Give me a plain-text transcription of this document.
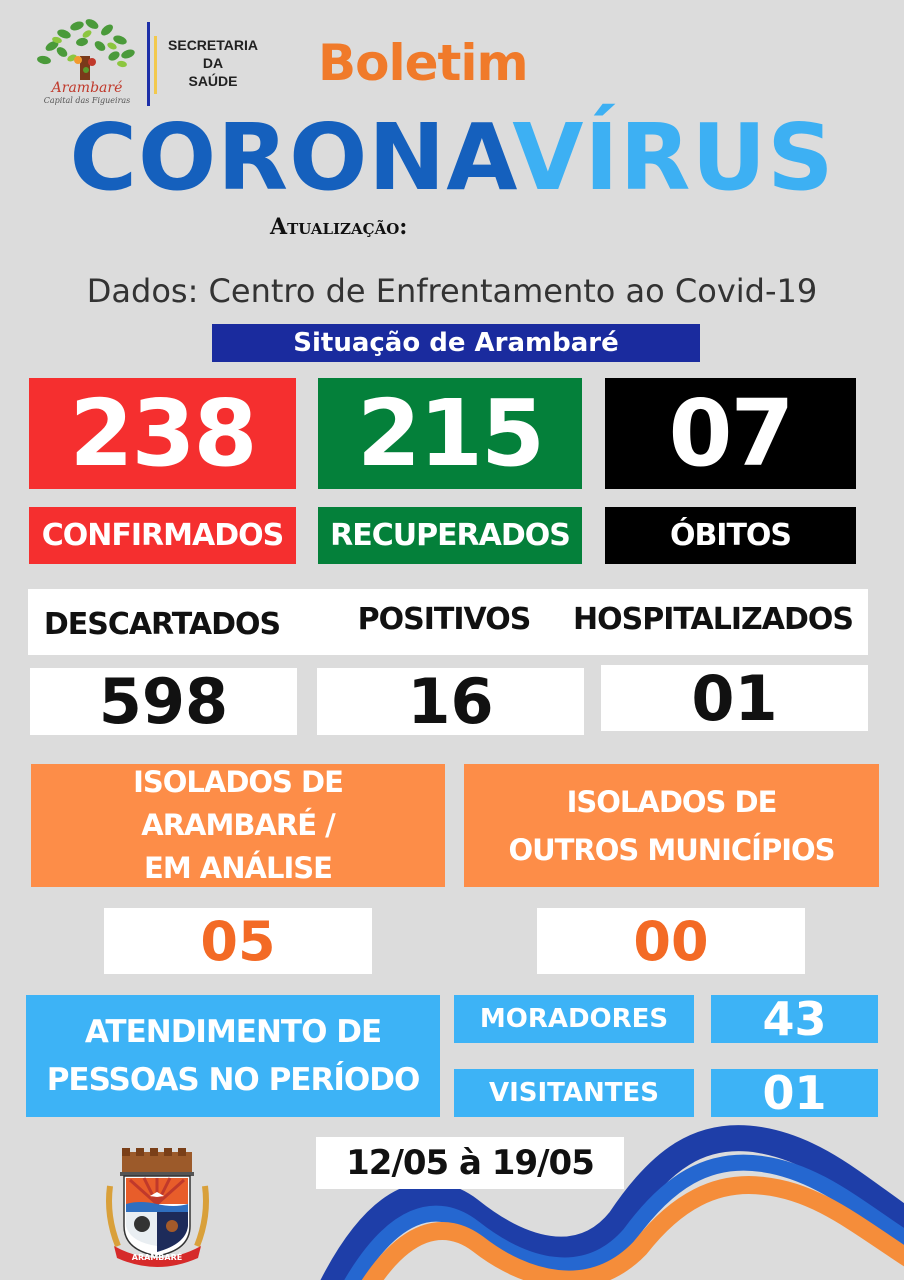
Arambaré
Capital das Figueiras
SECRETARIA
DA
SAÚDE	Boletim
CORONAVÍRUS
Atualização:
Dados: Centro de Enfrentamento ao Covid-19
Situação de Arambaré
238	215	07
CONFIRMADOS	RECUPERADOS	ÓBITOS
DESCARTADOS	POSITIVOS	HOSPITALIZADOS
598	16	01
ISOLADOS DE
ARAMBARÉ /
EM ANÁLISE
ISOLADOS DE
OUTROS MUNICÍPIOS
05	00
ATENDIMENTO DE
PESSOAS NO PERÍODO
MORADORES	43
VISITANTES	01
12/05 à 19/05
ARAMBARÉ
